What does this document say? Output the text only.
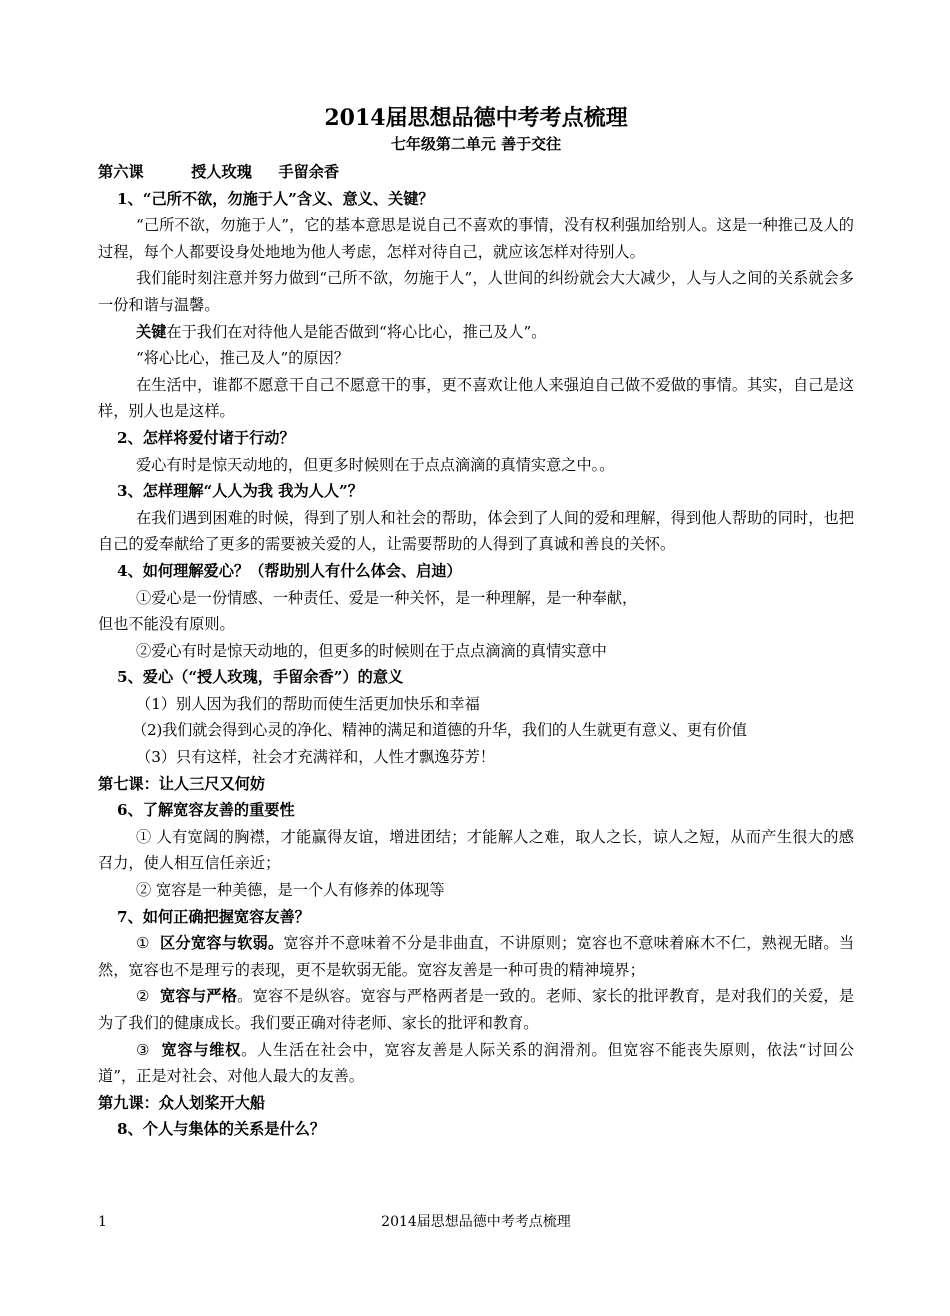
2014届思想品德中考考点梳理

七年级第二单元 善于交往

第六课         授人玫瑰     手留余香

1、“己所不欲，勿施于人”含义、意义、关键？

“己所不欲，勿施于人”，它的基本意思是说自己不喜欢的事情，没有权利强加给别人。这是一种推己及人的过程，每个人都要设身处地地为他人考虑，怎样对待自己，就应该怎样对待别人。

我们能时刻注意并努力做到“己所不欲，勿施于人”，人世间的纠纷就会大大减少，人与人之间的关系就会多一份和谐与温馨。

关键在于我们在对待他人是能否做到“将心比心，推己及人”。

“将心比心，推己及人”的原因？

在生活中，谁都不愿意干自己不愿意干的事，更不喜欢让他人来强迫自己做不爱做的事情。其实，自己是这样，别人也是这样。

2、怎样将爱付诸于行动？

爱心有时是惊天动地的，但更多时候则在于点点滴滴的真情实意之中。。

3、怎样理解“人人为我 我为人人”？

在我们遇到困难的时候，得到了别人和社会的帮助，体会到了人间的爱和理解，得到他人帮助的同时，也把自己的爱奉献给了更多的需要被关爱的人，让需要帮助的人得到了真诚和善良的关怀。

4、如何理解爱心？（帮助别人有什么体会、启迪）

①爱心是一份情感、一种责任、爱是一种关怀，是一种理解，是一种奉献，

但也不能没有原则。

②爱心有时是惊天动地的，但更多的时候则在于点点滴滴的真情实意中

5、爱心（“授人玫瑰，手留余香”）的意义

（1）别人因为我们的帮助而使生活更加快乐和幸福

（2)我们就会得到心灵的净化、精神的满足和道德的升华，我们的人生就更有意义、更有价值

（3）只有这样，社会才充满祥和，人性才飘逸芬芳！

第七课：让人三尺又何妨

6、了解宽容友善的重要性

① 人有宽阔的胸襟，才能赢得友谊，增进团结；才能解人之难，取人之长，谅人之短，从而产生很大的感召力，使人相互信任亲近；

② 宽容是一种美德，是一个人有修养的体现等

7、如何正确把握宽容友善？

①  区分宽容与软弱。宽容并不意味着不分是非曲直，不讲原则；宽容也不意味着麻木不仁，熟视无睹。当然，宽容也不是理亏的表现，更不是软弱无能。宽容友善是一种可贵的精神境界；

②  宽容与严格。宽容不是纵容。宽容与严格两者是一致的。老师、家长的批评教育，是对我们的关爱，是为了我们的健康成长。我们要正确对待老师、家长的批评和教育。

③  宽容与维权。人生活在社会中，宽容友善是人际关系的润滑剂。但宽容不能丧失原则，依法“讨回公道”，正是对社会、对他人最大的友善。

第九课：众人划桨开大船

8、个人与集体的关系是什么？

2014届思想品德中考考点梳理
1
